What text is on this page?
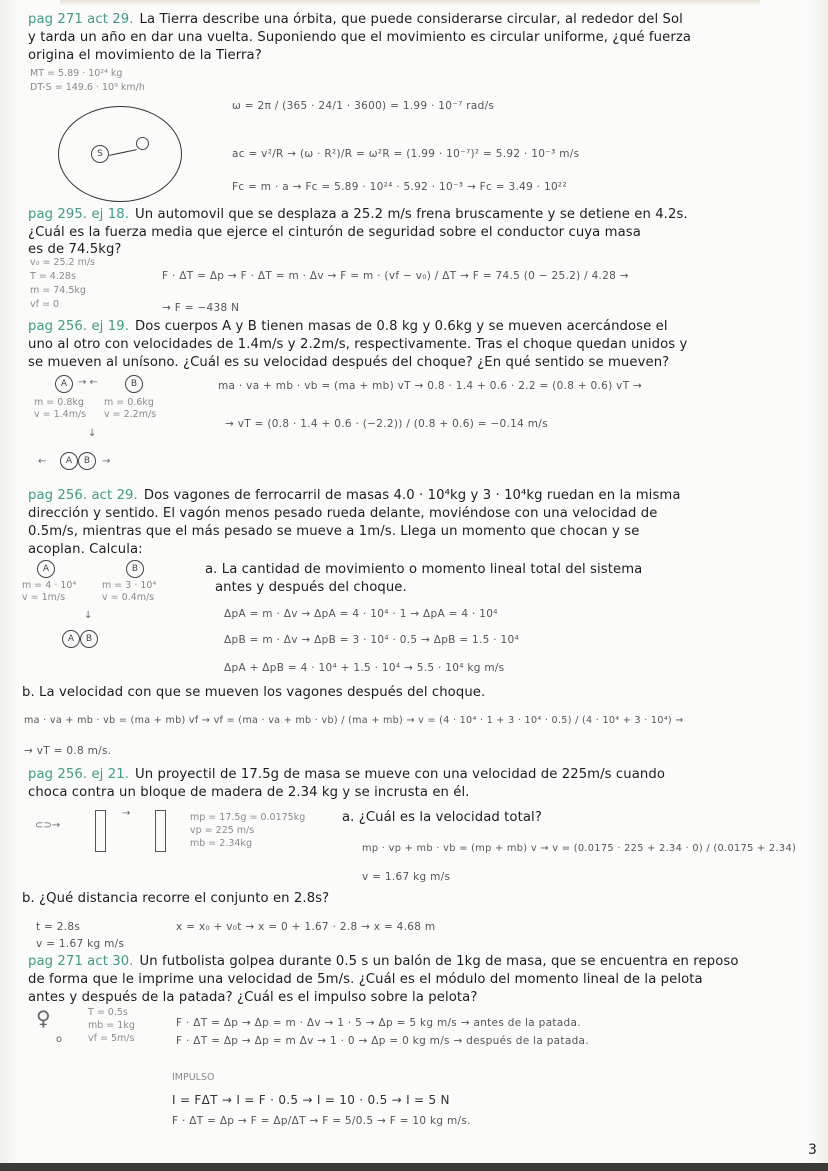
pag 271 act 29. La Tierra describe una órbita, que puede considerarse circular, al rededor del Sol
y tarda un año en dar una vuelta. Suponiendo que el movimiento es circular uniforme, ¿qué fuerza
origina el movimiento de la Tierra?
MT = 5.89 · 10²⁴ kg
DT-S = 149.6 · 10⁹ km/h
S
ω = 2π / (365 · 24/1 · 3600) = 1.99 · 10⁻⁷ rad/s
ac = v²/R → (ω · R²)/R = ω²R = (1.99 · 10⁻⁷)² = 5.92 · 10⁻³ m/s
Fc = m · a → Fc = 5.89 · 10²⁴ · 5.92 · 10⁻³ → Fc = 3.49 · 10²²
pag 295. ej 18. Un automovil que se desplaza a 25.2 m/s frena bruscamente y se detiene en 4.2s.
¿Cuál es la fuerza media que ejerce el cinturón de seguridad sobre el conductor cuya masa
es de 74.5kg?
v₀ = 25.2 m/s
T = 4.28s
m = 74.5kg
vf = 0
F · ΔT = Δp → F · ΔT = m · Δv → F = m · (vf − v₀) / ΔT → F = 74.5 (0 − 25.2) / 4.28 →
→ F = −438 N
pag 256. ej 19. Dos cuerpos A y B tienen masas de 0.8 kg y 0.6kg y se mueven acercándose el
uno al otro con velocidades de 1.4m/s y 2.2m/s, respectivamente. Tras el choque quedan unidos y
se mueven al unísono. ¿Cuál es su velocidad después del choque? ¿En qué sentido se mueven?
A	→ ←	B
m = 0.8kg m = 0.6kg
v = 1.4m/s v = 2.2m/s
↓
←	A	B	→
ma · va + mb · vb = (ma + mb) vT → 0.8 · 1.4 + 0.6 · 2.2 = (0.8 + 0.6) vT →
→ vT = (0.8 · 1.4 + 0.6 · (−2.2)) / (0.8 + 0.6) = −0.14 m/s
pag 256. act 29. Dos vagones de ferrocarril de masas 4.0 · 10⁴kg y 3 · 10⁴kg ruedan en la misma
dirección y sentido. El vagón menos pesado rueda delante, moviéndose con una velocidad de
0.5m/s, mientras que el más pesado se mueve a 1m/s. Llega un momento que chocan y se
acoplan. Calcula:
A	B
m = 4 · 10⁴	m = 3 · 10⁴
v = 1m/s	v = 0.4m/s
↓
A	B
a. La cantidad de movimiento o momento lineal total del sistema
antes y después del choque.
ΔpA = m · Δv → ΔpA = 4 · 10⁴ · 1 → ΔpA = 4 · 10⁴
ΔpB = m · Δv → ΔpB = 3 · 10⁴ · 0.5 → ΔpB = 1.5 · 10⁴
ΔpA + ΔpB = 4 · 10⁴ + 1.5 · 10⁴ → 5.5 · 10⁴ kg m/s
b. La velocidad con que se mueven los vagones después del choque.
ma · va + mb · vb = (ma + mb) vf → vf = (ma · va + mb · vb) / (ma + mb) → v = (4 · 10⁴ · 1 + 3 · 10⁴ · 0.5) / (4 · 10⁴ + 3 · 10⁴) →
→ vT = 0.8 m/s.
pag 256. ej 21. Un proyectil de 17.5g de masa se mueve con una velocidad de 225m/s cuando
choca contra un bloque de madera de 2.34 kg y se incrusta en él.
⊂⊃→
→	mp = 17.5g = 0.0175kg
vp = 225 m/s
mb = 2.34kg
a. ¿Cuál es la velocidad total?
mp · vp + mb · vb = (mp + mb) v → v = (0.0175 · 225 + 2.34 · 0) / (0.0175 + 2.34)
v = 1.67 kg m/s
b. ¿Qué distancia recorre el conjunto en 2.8s?
t = 2.8s
v = 1.67 kg m/s
x = x₀ + v₀t → x = 0 + 1.67 · 2.8 → x = 4.68 m
pag 271 act 30. Un futbolista golpea durante 0.5 s un balón de 1kg de masa, que se encuentra en reposo
de forma que le imprime una velocidad de 5m/s. ¿Cuál es el módulo del momento lineal de la pelota
antes y después de la patada? ¿Cuál es el impulso sobre la pelota?
♀
o
T = 0.5s
mb = 1kg
vf = 5m/s
F · ΔT = Δp → Δp = m · Δv → 1 · 5 → Δp = 5 kg m/s → antes de la patada.
F · ΔT = Δp → Δp = m Δv → 1 · 0 → Δp = 0 kg m/s → después de la patada.
IMPULSO
I = FΔT → I = F · 0.5 → I = 10 · 0.5 → I = 5 N
F · ΔT = Δp → F = Δp/ΔT → F = 5/0.5 → F = 10 kg m/s.
3
